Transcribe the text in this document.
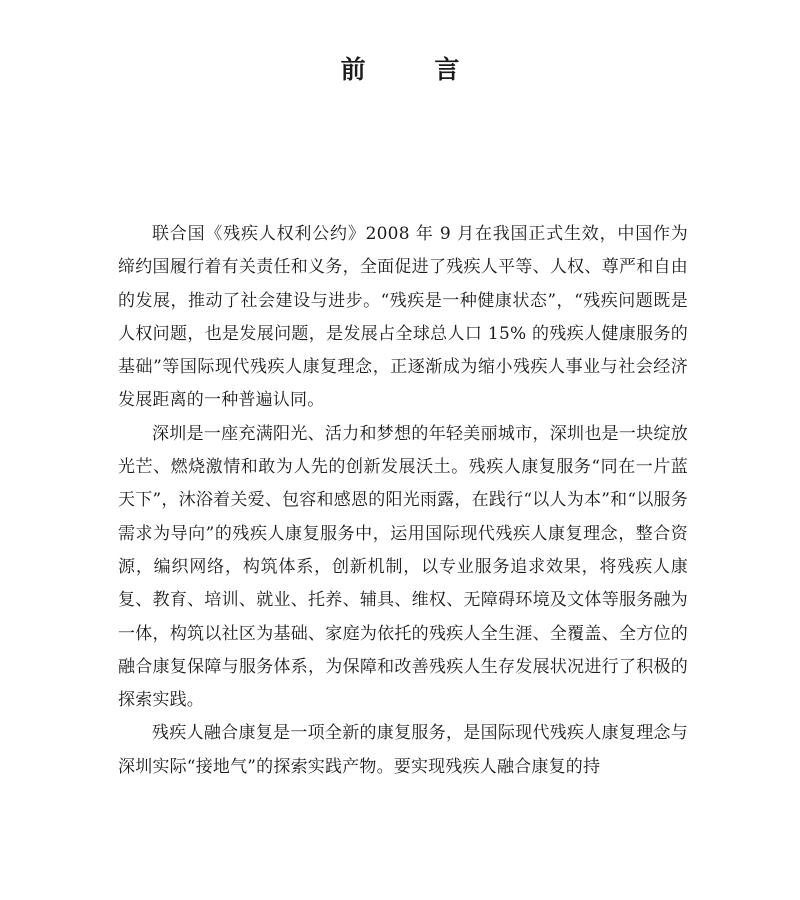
前 言

联合国《残疾人权利公约》2008 年 9 月在我国正式生效，中国作为缔约国履行着有关责任和义务，全面促进了残疾人平等、人权、尊严和自由的发展，推动了社会建设与进步。“残疾是一种健康状态”，“残疾问题既是人权问题，也是发展问题，是发展占全球总人口 15% 的残疾人健康服务的基础”等国际现代残疾人康复理念，正逐渐成为缩小残疾人事业与社会经济发展距离的一种普遍认同。

深圳是一座充满阳光、活力和梦想的年轻美丽城市，深圳也是一块绽放光芒、燃烧激情和敢为人先的创新发展沃土。残疾人康复服务“同在一片蓝天下”，沐浴着关爱、包容和感恩的阳光雨露，在践行“以人为本”和“以服务需求为导向”的残疾人康复服务中，运用国际现代残疾人康复理念，整合资源，编织网络，构筑体系，创新机制，以专业服务追求效果，将残疾人康复、教育、培训、就业、托养、辅具、维权、无障碍环境及文体等服务融为一体，构筑以社区为基础、家庭为依托的残疾人全生涯、全覆盖、全方位的融合康复保障与服务体系，为保障和改善残疾人生存发展状况进行了积极的探索实践。

残疾人融合康复是一项全新的康复服务，是国际现代残疾人康复理念与深圳实际“接地气”的探索实践产物。要实现残疾人融合康复的持
